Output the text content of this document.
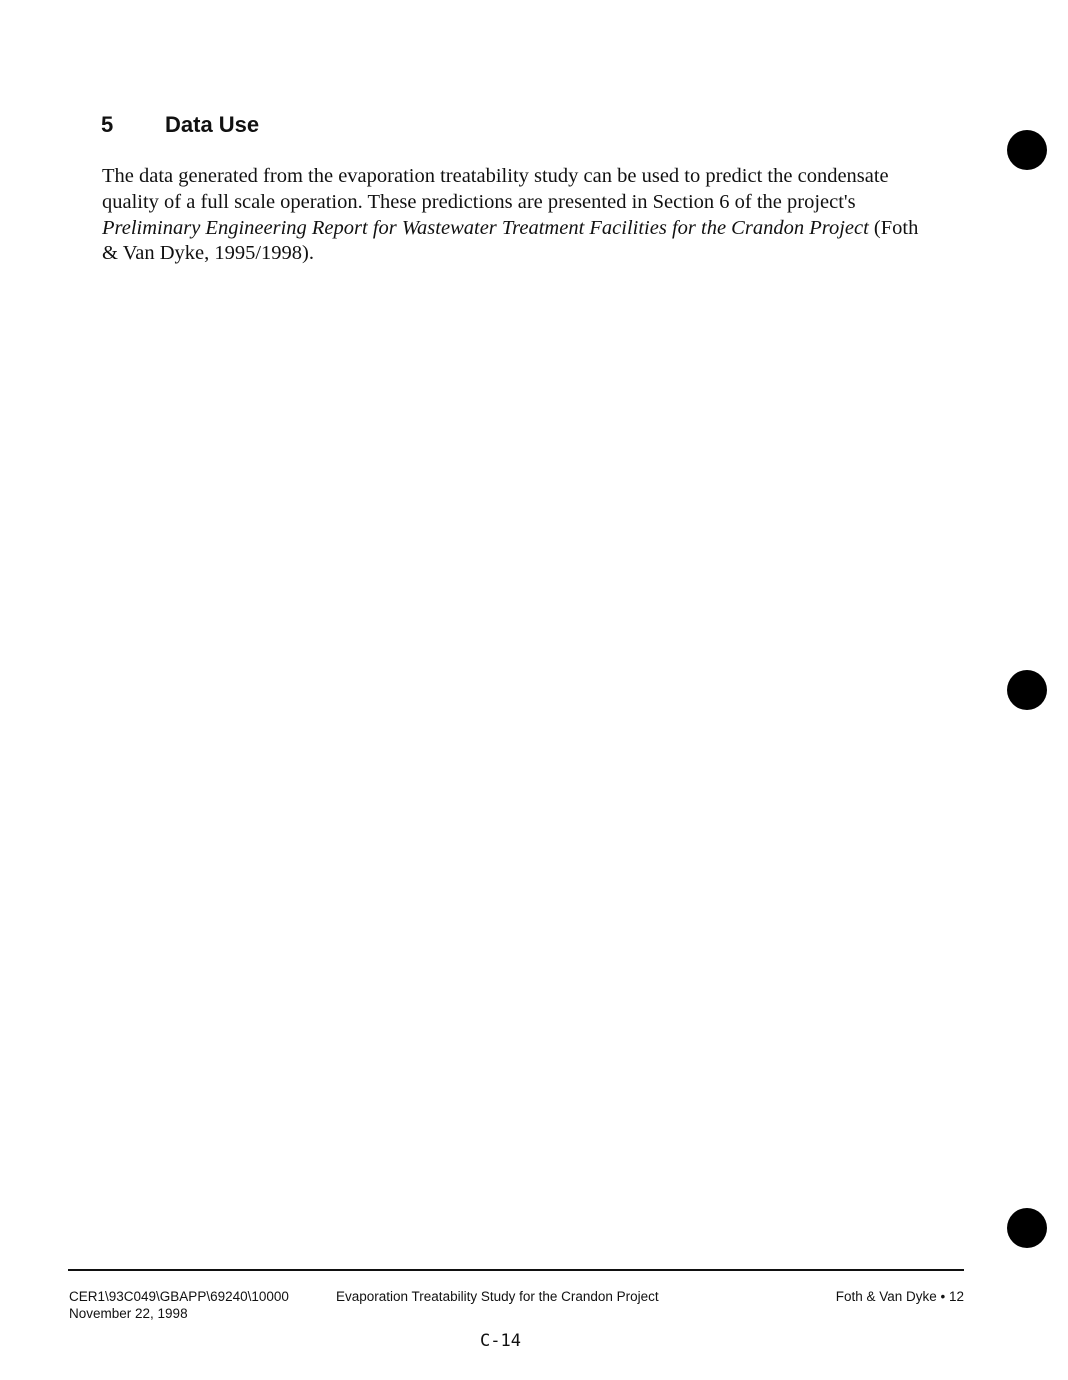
5	Data Use

The data generated from the evaporation treatability study can be used to predict the condensate quality of a full scale operation. These predictions are presented in Section 6 of the project's Preliminary Engineering Report for Wastewater Treatment Facilities for the Crandon Project (Foth & Van Dyke, 1995/1998).

CER1\93C049\GBAPP\69240\10000
November 22, 1998
Evaporation Treatability Study for the Crandon Project	Foth & Van Dyke • 12
C-14
